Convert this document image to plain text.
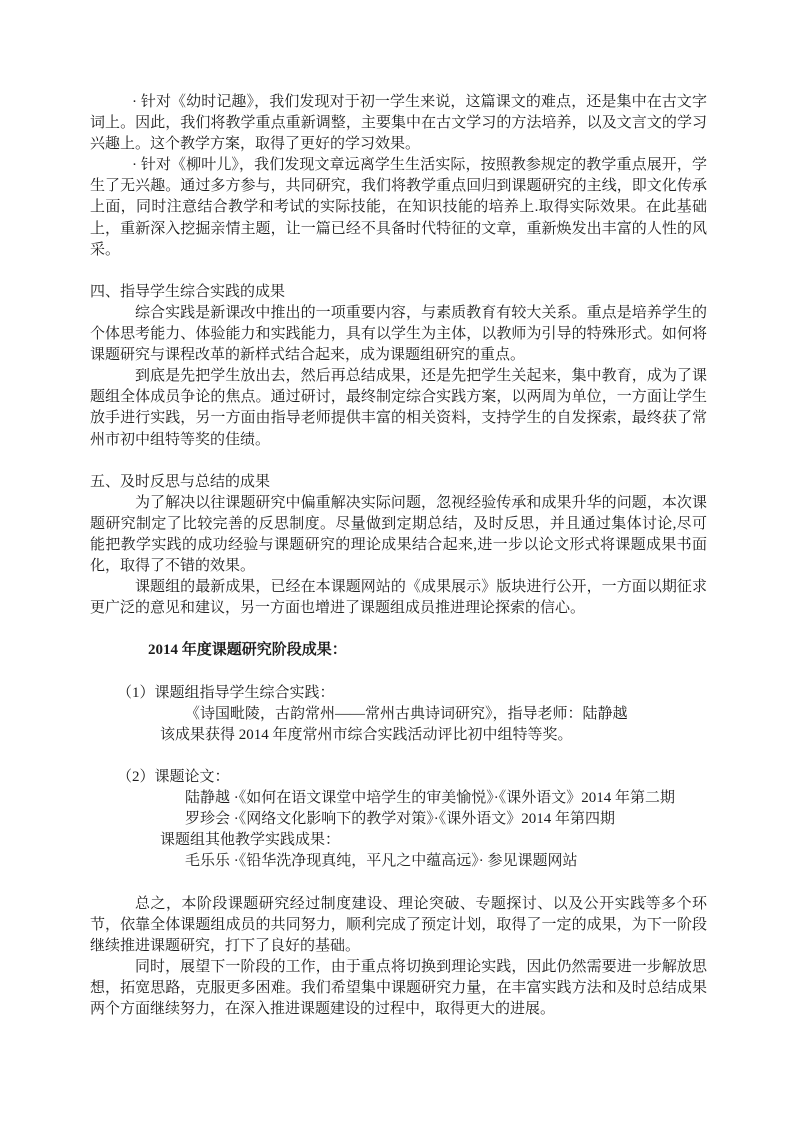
· 针对《幼时记趣》，我们发现对于初一学生来说，这篇课文的难点，还是集中在古文字词上。因此，我们将教学重点重新调整，主要集中在古文学习的方法培养，以及文言文的学习兴趣上。这个教学方案，取得了更好的学习效果。
· 针对《柳叶儿》，我们发现文章远离学生生活实际，按照教参规定的教学重点展开，学生了无兴趣。通过多方参与，共同研究，我们将教学重点回归到课题研究的主线，即文化传承上面，同时注意结合教学和考试的实际技能，在知识技能的培养上.取得实际效果。在此基础上，重新深入挖掘亲情主题，让一篇已经不具备时代特征的文章，重新焕发出丰富的人性的风采。
四、指导学生综合实践的成果
综合实践是新课改中推出的一项重要内容，与素质教育有较大关系。重点是培养学生的个体思考能力、体验能力和实践能力，具有以学生为主体，以教师为引导的特殊形式。如何将课题研究与课程改革的新样式结合起来，成为课题组研究的重点。
到底是先把学生放出去，然后再总结成果，还是先把学生关起来，集中教育，成为了课题组全体成员争论的焦点。通过研讨，最终制定综合实践方案，以两周为单位，一方面让学生放手进行实践，另一方面由指导老师提供丰富的相关资料，支持学生的自发探索，最终获了常州市初中组特等奖的佳绩。
五、及时反思与总结的成果
为了解决以往课题研究中偏重解决实际问题，忽视经验传承和成果升华的问题，本次课题研究制定了比较完善的反思制度。尽量做到定期总结，及时反思，并且通过集体讨论,尽可能把教学实践的成功经验与课题研究的理论成果结合起来,进一步以论文形式将课题成果书面化，取得了不错的效果。
课题组的最新成果，已经在本课题网站的《成果展示》版块进行公开，一方面以期征求更广泛的意见和建议，另一方面也增进了课题组成员推进理论探索的信心。
2014 年度课题研究阶段成果：
（1）课题组指导学生综合实践：
《诗国毗陵，古韵常州——常州古典诗词研究》，指导老师：陆静越
该成果获得 2014 年度常州市综合实践活动评比初中组特等奖。
（2）课题论文：
陆静越 ·《如何在语文课堂中培学生的审美愉悦》·《课外语文》2014 年第二期
罗珍会 ·《网络文化影响下的教学对策》·《课外语文》2014 年第四期
课题组其他教学实践成果：
毛乐乐 ·《铅华洗净现真纯，平凡之中蕴高远》· 参见课题网站
总之，本阶段课题研究经过制度建设、理论突破、专题探讨、以及公开实践等多个环节，依靠全体课题组成员的共同努力，顺利完成了预定计划，取得了一定的成果，为下一阶段继续推进课题研究，打下了良好的基础。
同时，展望下一阶段的工作，由于重点将切换到理论实践，因此仍然需要进一步解放思想，拓宽思路，克服更多困难。我们希望集中课题研究力量，在丰富实践方法和及时总结成果两个方面继续努力，在深入推进课题建设的过程中，取得更大的进展。
